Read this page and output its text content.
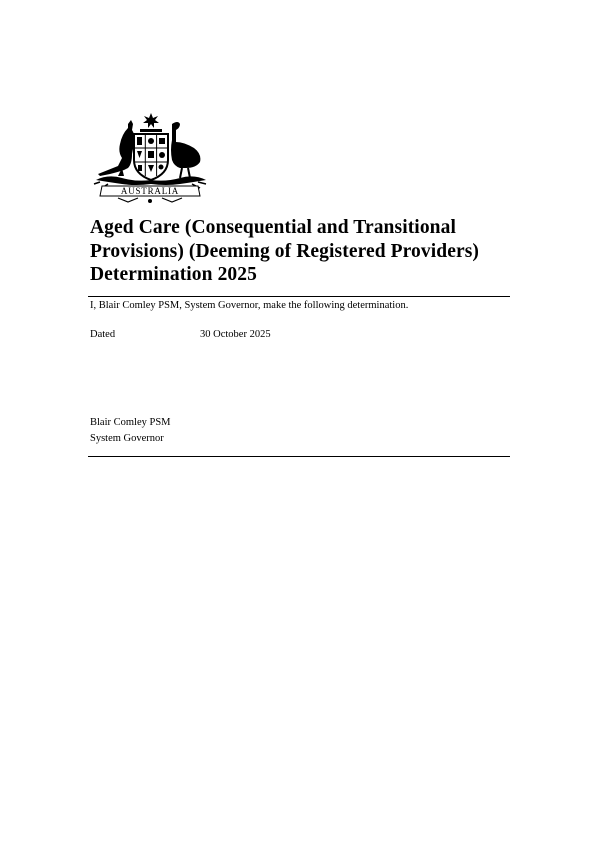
AUSTRALIA
Aged Care (Consequential and Transitional
Provisions) (Deeming of Registered Providers)
Determination 2025
I, Blair Comley PSM, System Governor, make the following determination.
Dated	30 October 2025
Blair Comley PSM
System Governor
